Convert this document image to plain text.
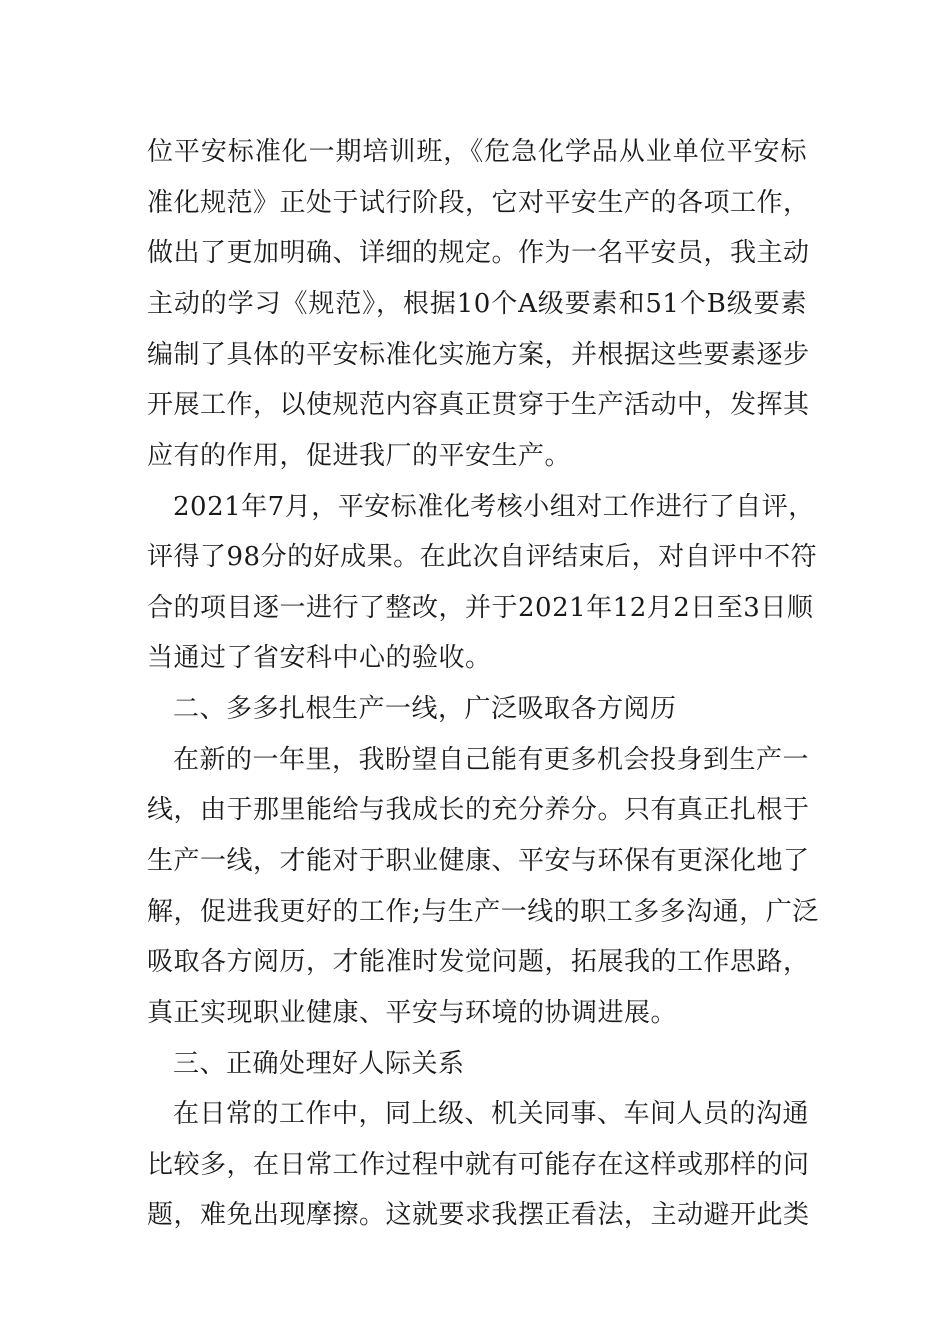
位平安标准化一期培训班，《危急化学品从业单位平安标
准化规范》正处于试行阶段，它对平安生产的各项工作，
做出了更加明确、详细的规定。作为一名平安员，我主动
主动的学习《规范》，根据10个A级要素和51个B级要素
编制了具体的平安标准化实施方案，并根据这些要素逐步
开展工作，以使规范内容真正贯穿于生产活动中，发挥其
应有的作用，促进我厂的平安生产。
2021年7月，平安标准化考核小组对工作进行了自评，
评得了98分的好成果。在此次自评结束后，对自评中不符
合的项目逐一进行了整改，并于2021年12月2日至3日顺
当通过了省安科中心的验收。
二、多多扎根生产一线，广泛吸取各方阅历
在新的一年里，我盼望自己能有更多机会投身到生产一
线，由于那里能给与我成长的充分养分。只有真正扎根于
生产一线，才能对于职业健康、平安与环保有更深化地了
解，促进我更好的工作;与生产一线的职工多多沟通，广泛
吸取各方阅历，才能准时发觉问题，拓展我的工作思路，
真正实现职业健康、平安与环境的协调进展。
三、正确处理好人际关系
在日常的工作中，同上级、机关同事、车间人员的沟通
比较多，在日常工作过程中就有可能存在这样或那样的问
题，难免出现摩擦。这就要求我摆正看法，主动避开此类
